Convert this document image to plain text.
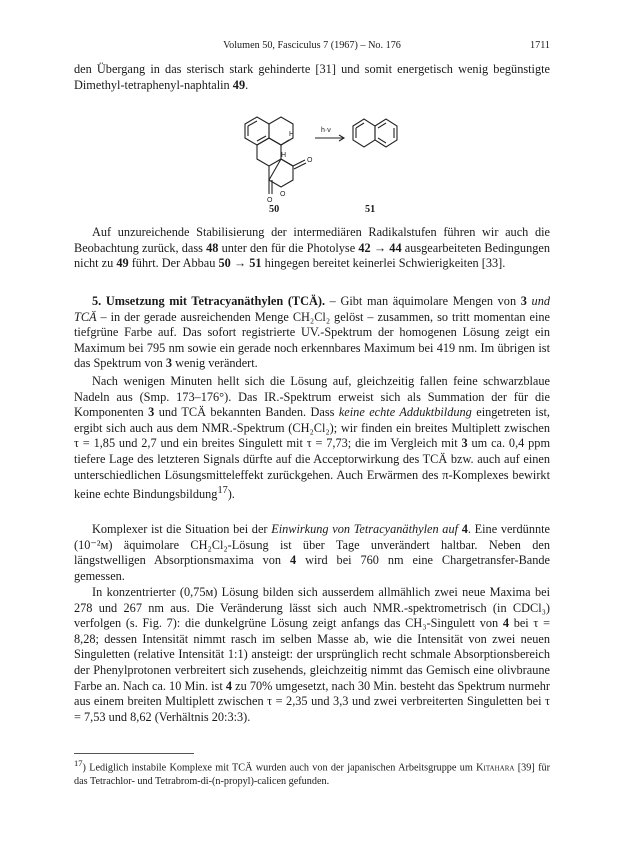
Volumen 50, Fasciculus 7 (1967) – No. 176	1711
den Übergang in das sterisch stark gehinderte [31] und somit energetisch wenig begünstigte Dimethyl-tetraphenyl-naphtalin 49.
H
H
O
O
O
h·ν
50	51
Auf unzureichende Stabilisierung der intermediären Radikalstufen führen wir auch die Beobachtung zurück, dass 48 unter den für die Photolyse 42 → 44 ausgearbeiteten Bedingungen nicht zu 49 führt. Der Abbau 50 → 51 hingegen bereitet keinerlei Schwierigkeiten [33].
5. Umsetzung mit Tetracyanäthylen (TCÄ). – Gibt man äquimolare Mengen von 3 und TCÄ – in der gerade ausreichenden Menge CH₂Cl₂ gelöst – zusammen, so tritt momentan eine tiefgrüne Farbe auf. Das sofort registrierte UV.-Spektrum der homogenen Lösung zeigt ein Maximum bei 795 nm sowie ein gerade noch erkennbares Maximum bei 419 nm. Im übrigen ist das Spektrum von 3 wenig verändert.
Nach wenigen Minuten hellt sich die Lösung auf, gleichzeitig fallen feine schwarzblaue Nadeln aus (Smp. 173–176°). Das IR.-Spektrum erweist sich als Summation der für die Komponenten 3 und TCÄ bekannten Banden. Dass keine echte Adduktbildung eingetreten ist, ergibt sich auch aus dem NMR.-Spektrum (CH₂Cl₂); wir finden ein breites Multiplett zwischen τ = 1,85 und 2,7 und ein breites Singulett mit τ = 7,73; die im Vergleich mit 3 um ca. 0,4 ppm tiefere Lage des letzteren Signals dürfte auf die Acceptorwirkung des TCÄ bzw. auch auf einen unterschiedlichen Lösungsmitteleffekt zurückgehen. Auch Erwärmen des π-Komplexes bewirkt keine echte Bindungsbildung$^{17}$).
Komplexer ist die Situation bei der Einwirkung von Tetracyanäthylen auf 4. Eine verdünnte (10⁻²ᴍ) äquimolare CH₂Cl₂-Lösung ist über Tage unverändert haltbar. Neben den längstwelligen Absorptionsmaxima von 4 wird bei 760 nm eine Chargetransfer-Bande gemessen.
In konzentrierter (0,75ᴍ) Lösung bilden sich ausserdem allmählich zwei neue Maxima bei 278 und 267 nm aus. Die Veränderung lässt sich auch NMR.-spektrometrisch (in CDCl₃) verfolgen (s. Fig. 7): die dunkelgrüne Lösung zeigt anfangs das CH₃-Singulett von 4 bei τ = 8,28; dessen Intensität nimmt rasch im selben Masse ab, wie die Intensität von zwei neuen Singuletten (relative Intensität 1:1) ansteigt: der ursprünglich recht schmale Absorptionsbereich der Phenylprotonen verbreitert sich zusehends, gleichzeitig nimmt das Gemisch eine olivbraune Farbe an. Nach ca. 10 Min. ist 4 zu 70% umgesetzt, nach 30 Min. besteht das Spektrum nurmehr aus einem breiten Multiplett zwischen τ = 2,35 und 3,3 und zwei verbreiterten Singuletten bei τ = 7,53 und 8,62 (Verhältnis 20:3:3).
$^{17}$) Lediglich instabile Komplexe mit TCÄ wurden auch von der japanischen Arbeitsgruppe um Kitahara [39] für das Tetrachlor- und Tetrabrom-di-(n-propyl)-calicen gefunden.
